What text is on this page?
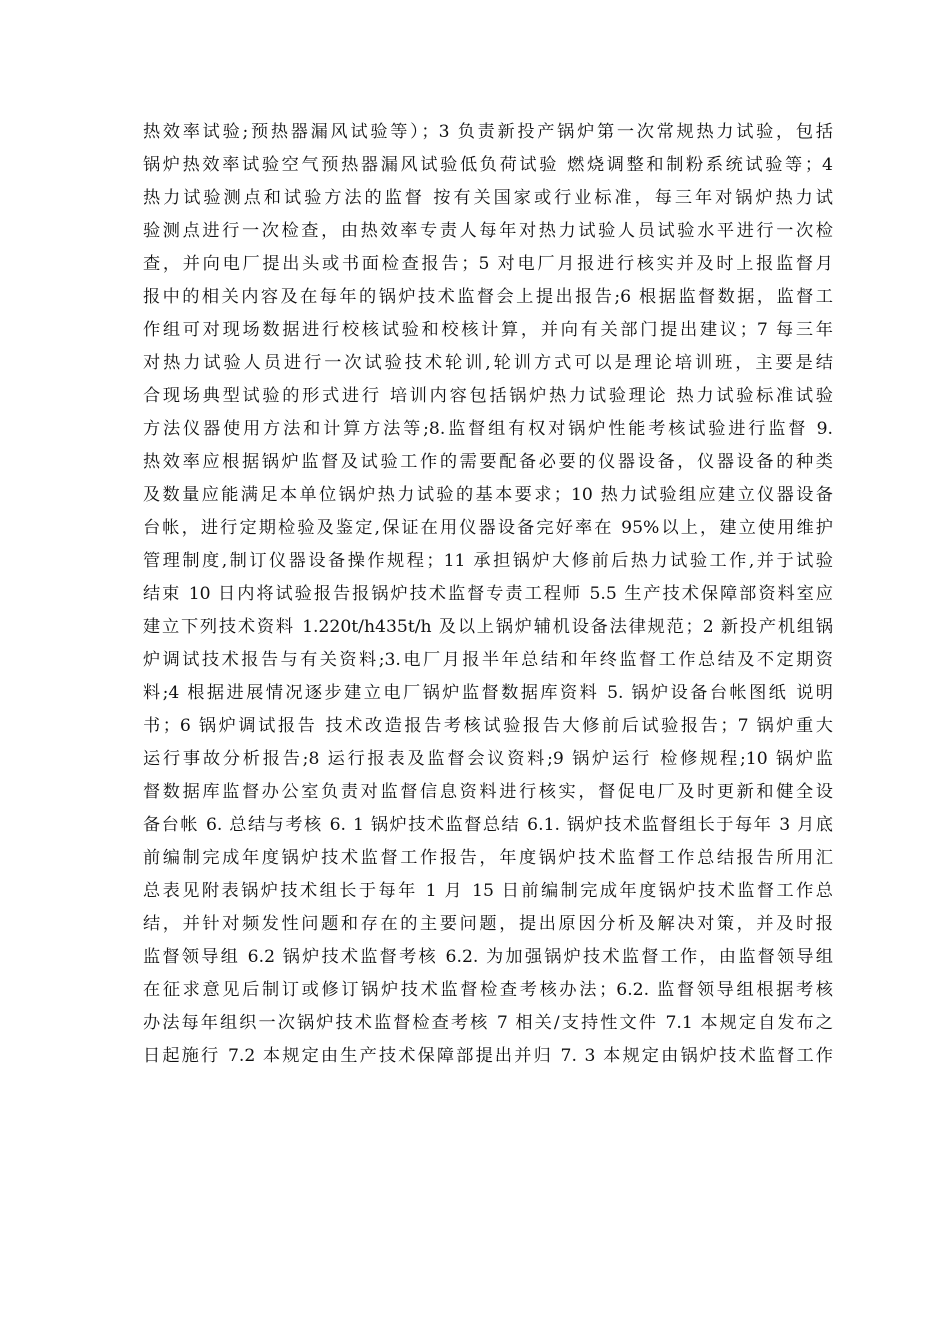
热效率试验;预热器漏风试验等）；3 负责新投产锅炉第一次常规热力试验，包括
锅炉热效率试验空气预热器漏风试验低负荷试验 燃烧调整和制粉系统试验等；4
热力试验测点和试验方法的监督 按有关国家或行业标准，每三年对锅炉热力试
验测点进行一次检查，由热效率专责人每年对热力试验人员试验水平进行一次检
查，并向电厂提出头或书面检查报告；5 对电厂月报进行核实并及时上报监督月
报中的相关内容及在每年的锅炉技术监督会上提出报告;6 根据监督数据，监督工
作组可对现场数据进行校核试验和校核计算，并向有关部门提出建议；7 每三年
对热力试验人员进行一次试验技术轮训,轮训方式可以是理论培训班，主要是结
合现场典型试验的形式进行 培训内容包括锅炉热力试验理论 热力试验标准试验
方法仪器使用方法和计算方法等;8.监督组有权对锅炉性能考核试验进行监督 9.
热效率应根据锅炉监督及试验工作的需要配备必要的仪器设备，仪器设备的种类
及数量应能满足本单位锅炉热力试验的基本要求；10 热力试验组应建立仪器设备
台帐，进行定期检验及鉴定,保证在用仪器设备完好率在 95%以上，建立使用维护
管理制度,制订仪器设备操作规程；11 承担锅炉大修前后热力试验工作,并于试验
结束 10 日内将试验报告报锅炉技术监督专责工程师 5.5 生产技术保障部资料室应
建立下列技术资料 1.220t/h435t/h 及以上锅炉辅机设备法律规范；2 新投产机组锅
炉调试技术报告与有关资料;3.电厂月报半年总结和年终监督工作总结及不定期资
料;4 根据进展情况逐步建立电厂锅炉监督数据库资料 5. 锅炉设备台帐图纸 说明
书；6 锅炉调试报告 技术改造报告考核试验报告大修前后试验报告；7 锅炉重大
运行事故分析报告;8 运行报表及监督会议资料;9 锅炉运行 检修规程;10 锅炉监
督数据库监督办公室负责对监督信息资料进行核实，督促电厂及时更新和健全设
备台帐 6. 总结与考核 6. 1 锅炉技术监督总结 6.1. 锅炉技术监督组长于每年 3 月底
前编制完成年度锅炉技术监督工作报告，年度锅炉技术监督工作总结报告所用汇
总表见附表锅炉技术组长于每年 1 月 15 日前编制完成年度锅炉技术监督工作总
结，并针对频发性问题和存在的主要问题，提出原因分析及解决对策，并及时报
监督领导组 6.2 锅炉技术监督考核 6.2. 为加强锅炉技术监督工作，由监督领导组
在征求意见后制订或修订锅炉技术监督检查考核办法；6.2. 监督领导组根据考核
办法每年组织一次锅炉技术监督检查考核 7 相关/支持性文件 7.1 本规定自发布之
日起施行 7.2 本规定由生产技术保障部提出并归 7. 3 本规定由锅炉技术监督工作
